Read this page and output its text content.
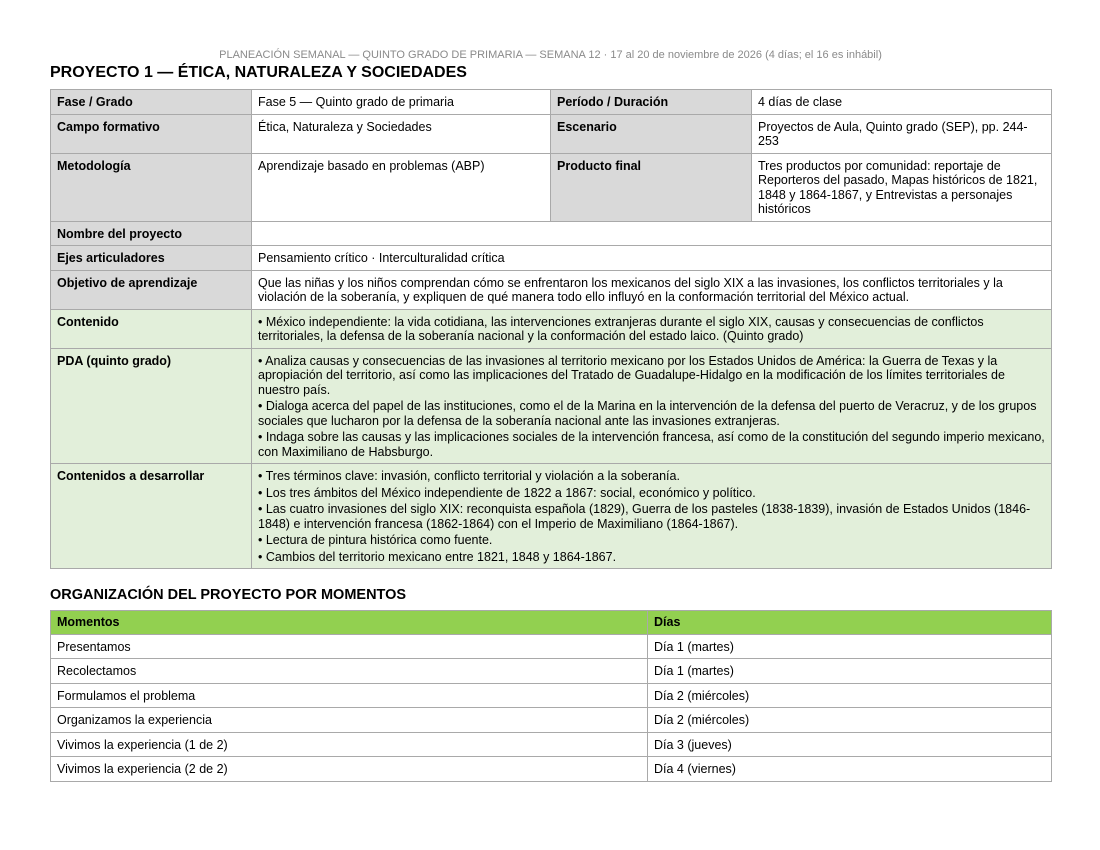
PLANEACIÓN SEMANAL — QUINTO GRADO DE PRIMARIA — SEMANA 12 · 17 al 20 de noviembre de 2026 (4 días; el 16 es inhábil)
PROYECTO 1 — ÉTICA, NATURALEZA Y SOCIEDADES
Fase / Grado	Fase 5 — Quinto grado de primaria	Período / Duración	4 días de clase
Campo formativo	Ética, Naturaleza y Sociedades	Escenario	Proyectos de Aula, Quinto grado (SEP), pp. 244-253
Metodología	Aprendizaje basado en problemas (ABP)	Producto final	Tres productos por comunidad: reportaje de Reporteros del pasado, Mapas históricos de 1821, 1848 y 1864-1867, y Entrevistas a personajes históricos
Nombre del proyecto			
Ejes articuladores	Pensamiento crítico · Interculturalidad crítica		
Objetivo de aprendizaje	Que las niñas y los niños comprendan cómo se enfrentaron los mexicanos del siglo XIX a las invasiones, los conflictos territoriales y la violación de la soberanía, y expliquen de qué manera todo ello influyó en la conformación territorial del México actual.		
Contenido	• México independiente: la vida cotidiana, las intervenciones extranjeras durante el siglo XIX, causas y consecuencias de conflictos territoriales, la defensa de la soberanía nacional y la conformación del estado laico. (Quinto grado)		

PDA (quinto grado)	• Analiza causas y consecuencias de las invasiones al territorio mexicano por los Estados Unidos de América: la Guerra de Texas y la apropiación del territorio, así como las implicaciones del Tratado de Guadalupe-Hidalgo en la modificación de los límites territoriales de nuestro país.
• Dialoga acerca del papel de las instituciones, como el de la Marina en la intervención de la defensa del puerto de Veracruz, y de los grupos sociales que lucharon por la defensa de la soberanía nacional ante las invasiones extranjeras.
• Indaga sobre las causas y las implicaciones sociales de la intervención francesa, así como de la constitución del segundo imperio mexicano, con Maximiliano de Habsburgo.		

Contenidos a desarrollar	• Tres términos clave: invasión, conflicto territorial y violación a la soberanía.
• Los tres ámbitos del México independiente de 1822 a 1867: social, económico y político.
• Las cuatro invasiones del siglo XIX: reconquista española (1829), Guerra de los pasteles (1838-1839), invasión de Estados Unidos (1846-1848) e intervención francesa (1862-1864) con el Imperio de Maximiliano (1864-1867).
• Lectura de pintura histórica como fuente.
• Cambios del territorio mexicano entre 1821, 1848 y 1864-1867.		
ORGANIZACIÓN DEL PROYECTO POR MOMENTOS
Momentos	Días
Presentamos	Día 1 (martes)
Recolectamos	Día 1 (martes)
Formulamos el problema	Día 2 (miércoles)
Organizamos la experiencia	Día 2 (miércoles)
Vivimos la experiencia (1 de 2)	Día 3 (jueves)
Vivimos la experiencia (2 de 2)	Día 4 (viernes)
